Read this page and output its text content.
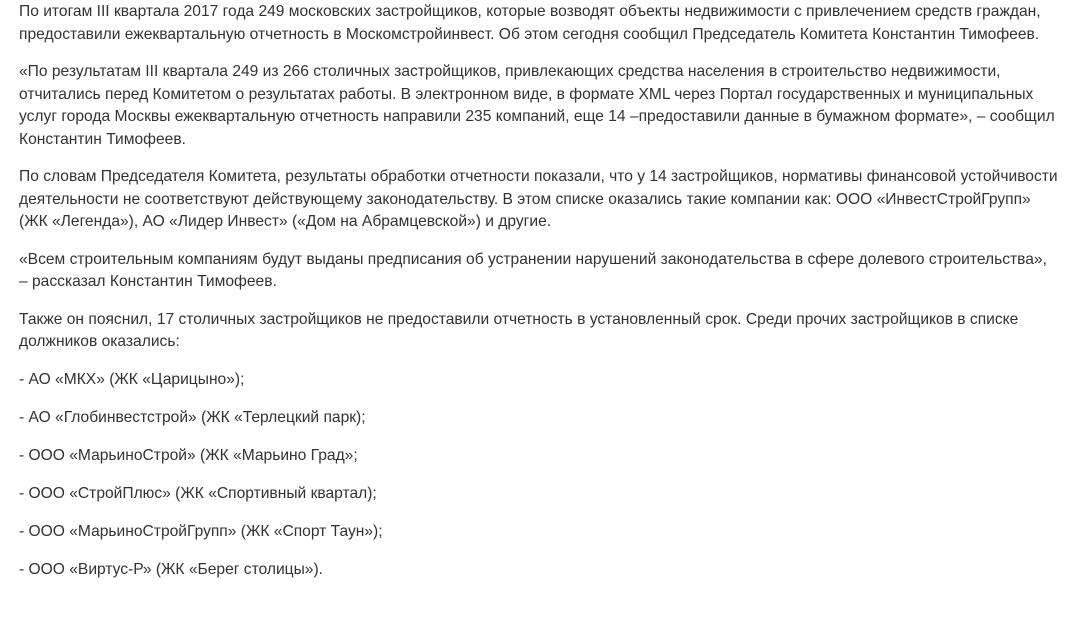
По итогам III квартала 2017 года 249 московских застройщиков, которые возводят объекты недвижимости с привлечением средств граждан, предоставили ежеквартальную отчетность в Москомстройинвест. Об этом сегодня сообщил Председатель Комитета Константин Тимофеев.

«По результатам III квартала 249 из 266 столичных застройщиков, привлекающих средства населения в строительство недвижимости, отчитались перед Комитетом о результатах работы. В электронном виде, в формате XML через Портал государственных и муниципальных услуг города Москвы ежеквартальную отчетность направили 235 компаний, еще 14 –предоставили данные в бумажном формате», – сообщил Константин Тимофеев.

По словам Председателя Комитета, результаты обработки отчетности показали, что у 14 застройщиков, нормативы финансовой устойчивости деятельности не соответствуют действующему законодательству. В этом списке оказались такие компании как: ООО «ИнвестСтройГрупп» (ЖК «Легенда»), АО «Лидер Инвест» («Дом на Абрамцевской») и другие.

«Всем строительным компаниям будут выданы предписания об устранении нарушений законодательства в сфере долевого строительства», – рассказал Константин Тимофеев.

Также он пояснил, 17 столичных застройщиков не предоставили отчетность в установленный срок. Среди прочих застройщиков в списке должников оказались:

- АО «МКХ» (ЖК «Царицыно»);

- АО «Глобинвестстрой» (ЖК «Терлецкий парк);

- ООО «МарьиноСтрой» (ЖК «Марьино Град»;

- ООО «СтройПлюс» (ЖК «Спортивный квартал);

- ООО «МарьиноСтройГрупп» (ЖК «Спорт Таун»);

- ООО «Виртус-Р» (ЖК «Берег столицы»).
